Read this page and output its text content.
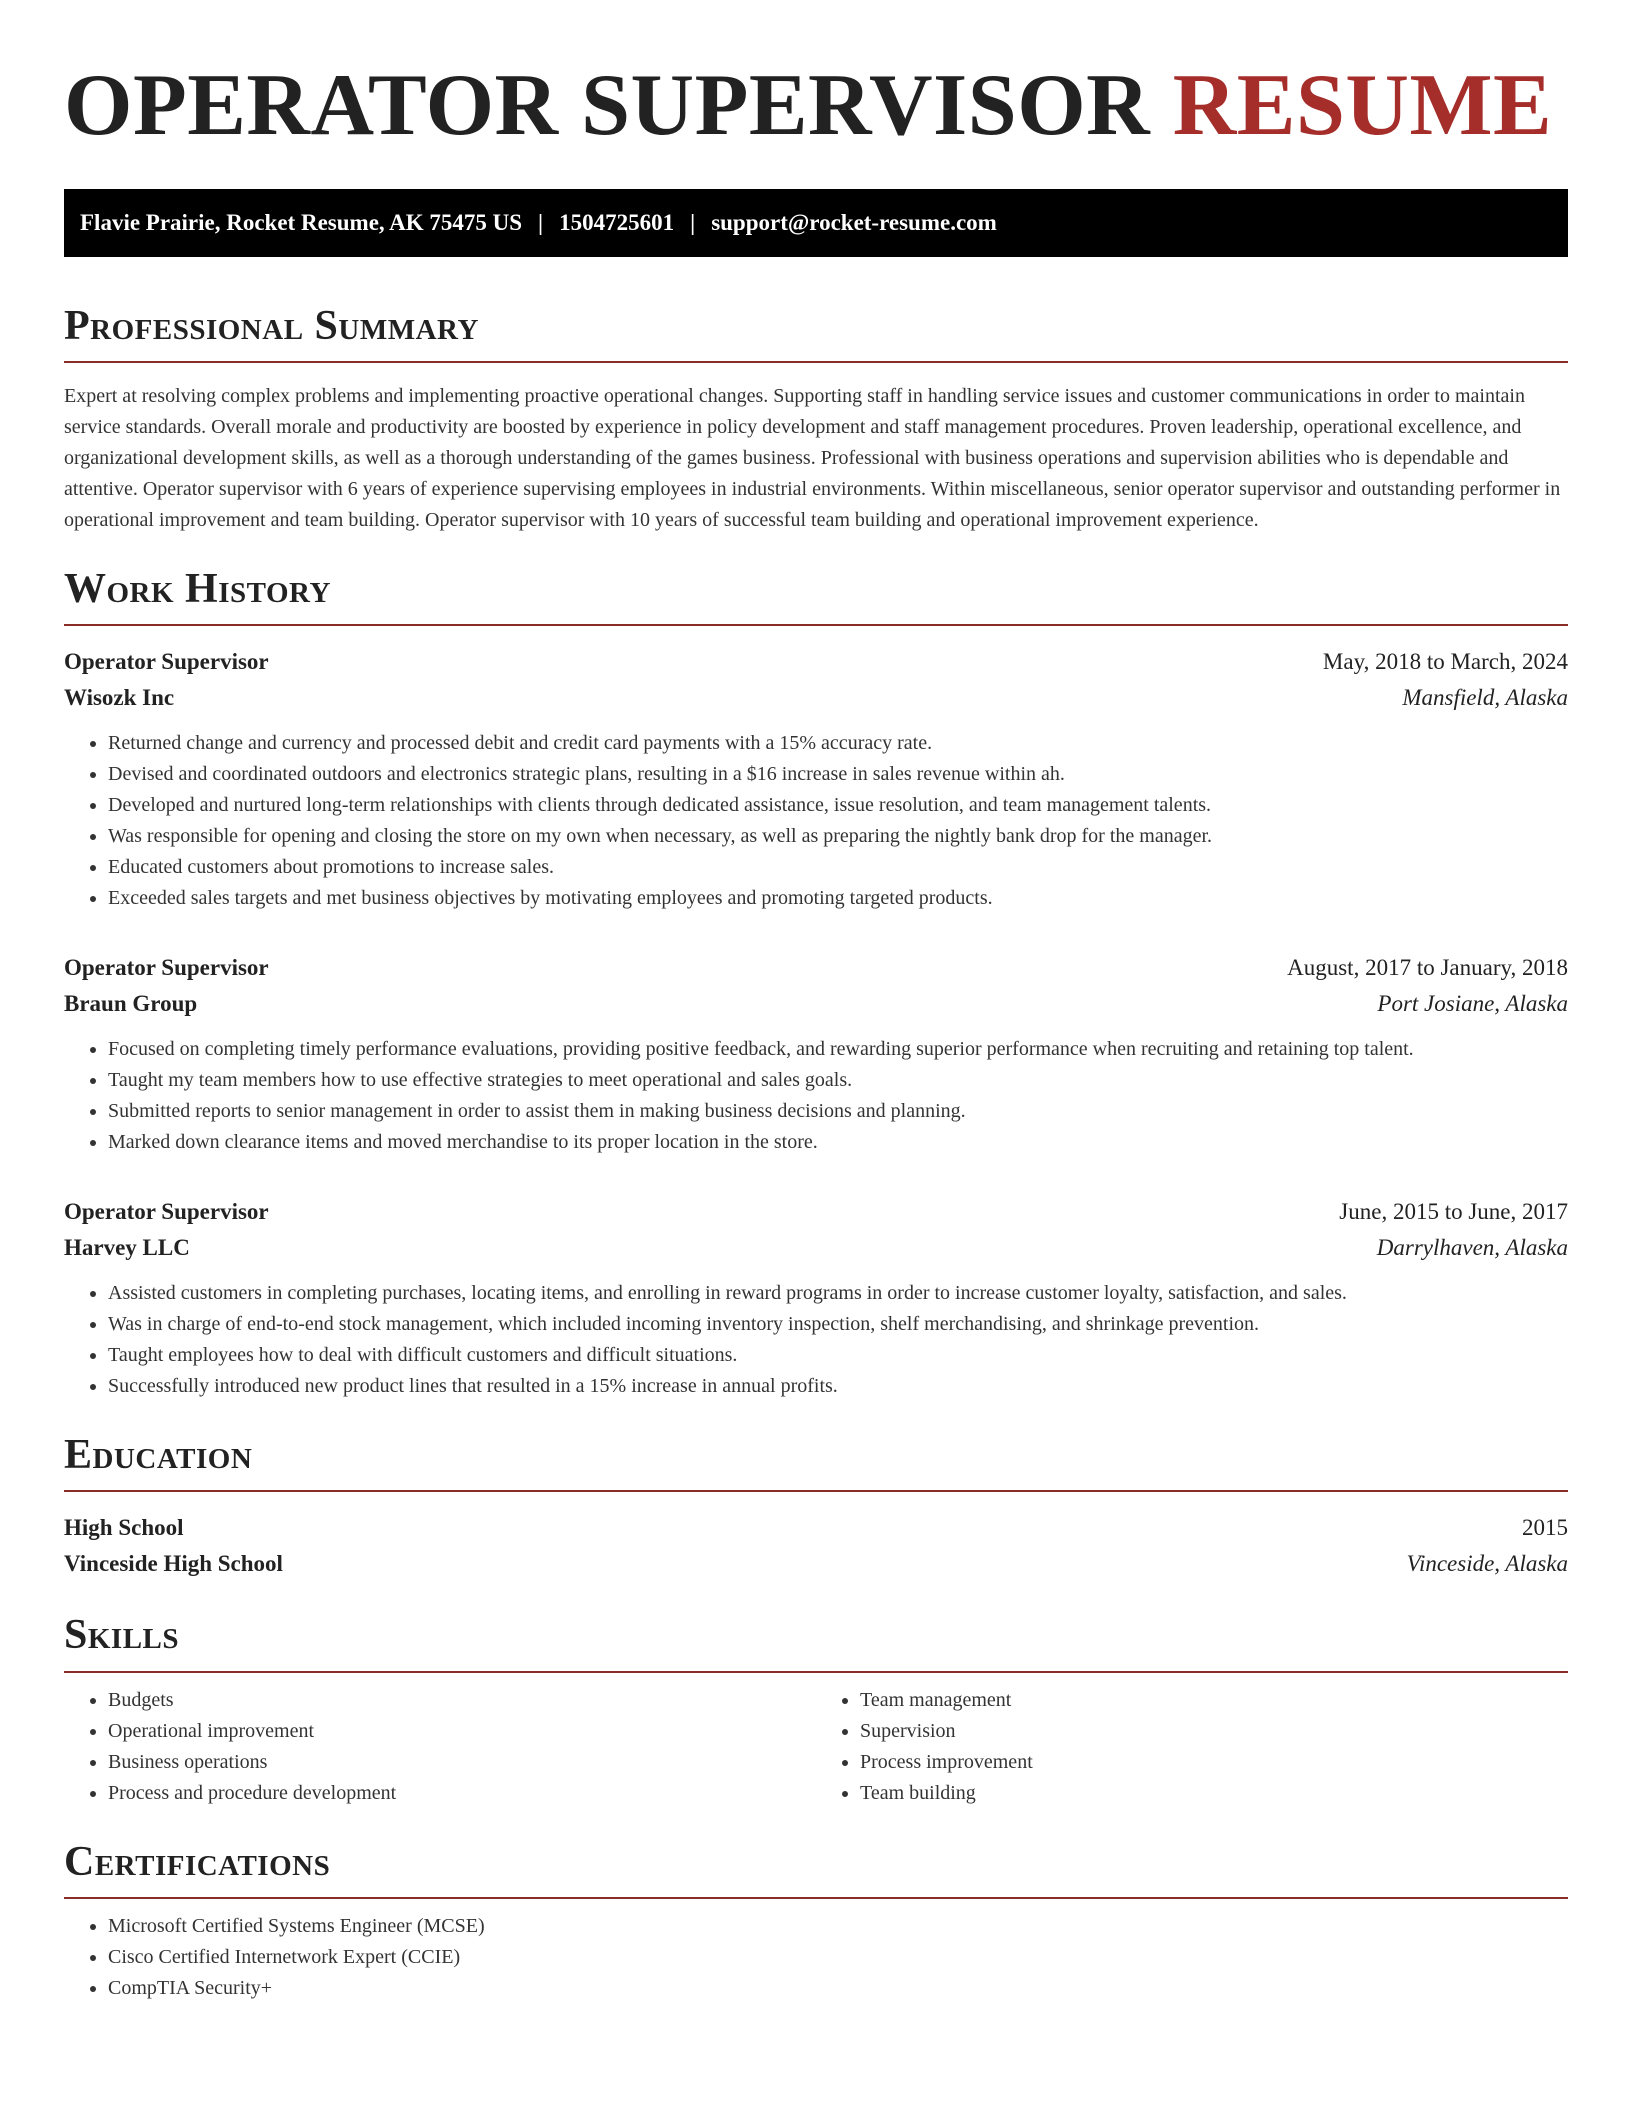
OPERATOR SUPERVISOR RESUME
Flavie Prairie, Rocket Resume, AK 75475 US | 1504725601 | support@rocket-resume.com
Professional Summary

Expert at resolving complex problems and implementing proactive operational changes. Supporting staff in handling service issues and customer communications in order to maintain service standards. Overall morale and productivity are boosted by experience in policy development and staff management procedures. Proven leadership, operational excellence, and organizational development skills, as well as a thorough understanding of the games business. Professional with business operations and supervision abilities who is dependable and attentive. Operator supervisor with 6 years of experience supervising employees in industrial environments. Within miscellaneous, senior operator supervisor and outstanding performer in operational improvement and team building. Operator supervisor with 10 years of successful team building and operational improvement experience.

Work History
Operator Supervisor	May, 2018 to March, 2024
Wisozk Inc	Mansfield, Alaska
• Returned change and currency and processed debit and credit card payments with a 15% accuracy rate.
• Devised and coordinated outdoors and electronics strategic plans, resulting in a $16 increase in sales revenue within ah.
• Developed and nurtured long-term relationships with clients through dedicated assistance, issue resolution, and team management talents.
• Was responsible for opening and closing the store on my own when necessary, as well as preparing the nightly bank drop for the manager.
• Educated customers about promotions to increase sales.
• Exceeded sales targets and met business objectives by motivating employees and promoting targeted products.
Operator Supervisor	August, 2017 to January, 2018
Braun Group	Port Josiane, Alaska
• Focused on completing timely performance evaluations, providing positive feedback, and rewarding superior performance when recruiting and retaining top talent.
• Taught my team members how to use effective strategies to meet operational and sales goals.
• Submitted reports to senior management in order to assist them in making business decisions and planning.
• Marked down clearance items and moved merchandise to its proper location in the store.
Operator Supervisor	June, 2015 to June, 2017
Harvey LLC	Darrylhaven, Alaska
• Assisted customers in completing purchases, locating items, and enrolling in reward programs in order to increase customer loyalty, satisfaction, and sales.
• Was in charge of end-to-end stock management, which included incoming inventory inspection, shelf merchandising, and shrinkage prevention.
• Taught employees how to deal with difficult customers and difficult situations.
• Successfully introduced new product lines that resulted in a 15% increase in annual profits.
Education
High School	2015
Vinceside High School	Vinceside, Alaska
Skills
• Budgets
• Operational improvement
• Business operations
• Process and procedure development
• Team management
• Supervision
• Process improvement
• Team building
Certifications
• Microsoft Certified Systems Engineer (MCSE)
• Cisco Certified Internetwork Expert (CCIE)
• CompTIA Security+
